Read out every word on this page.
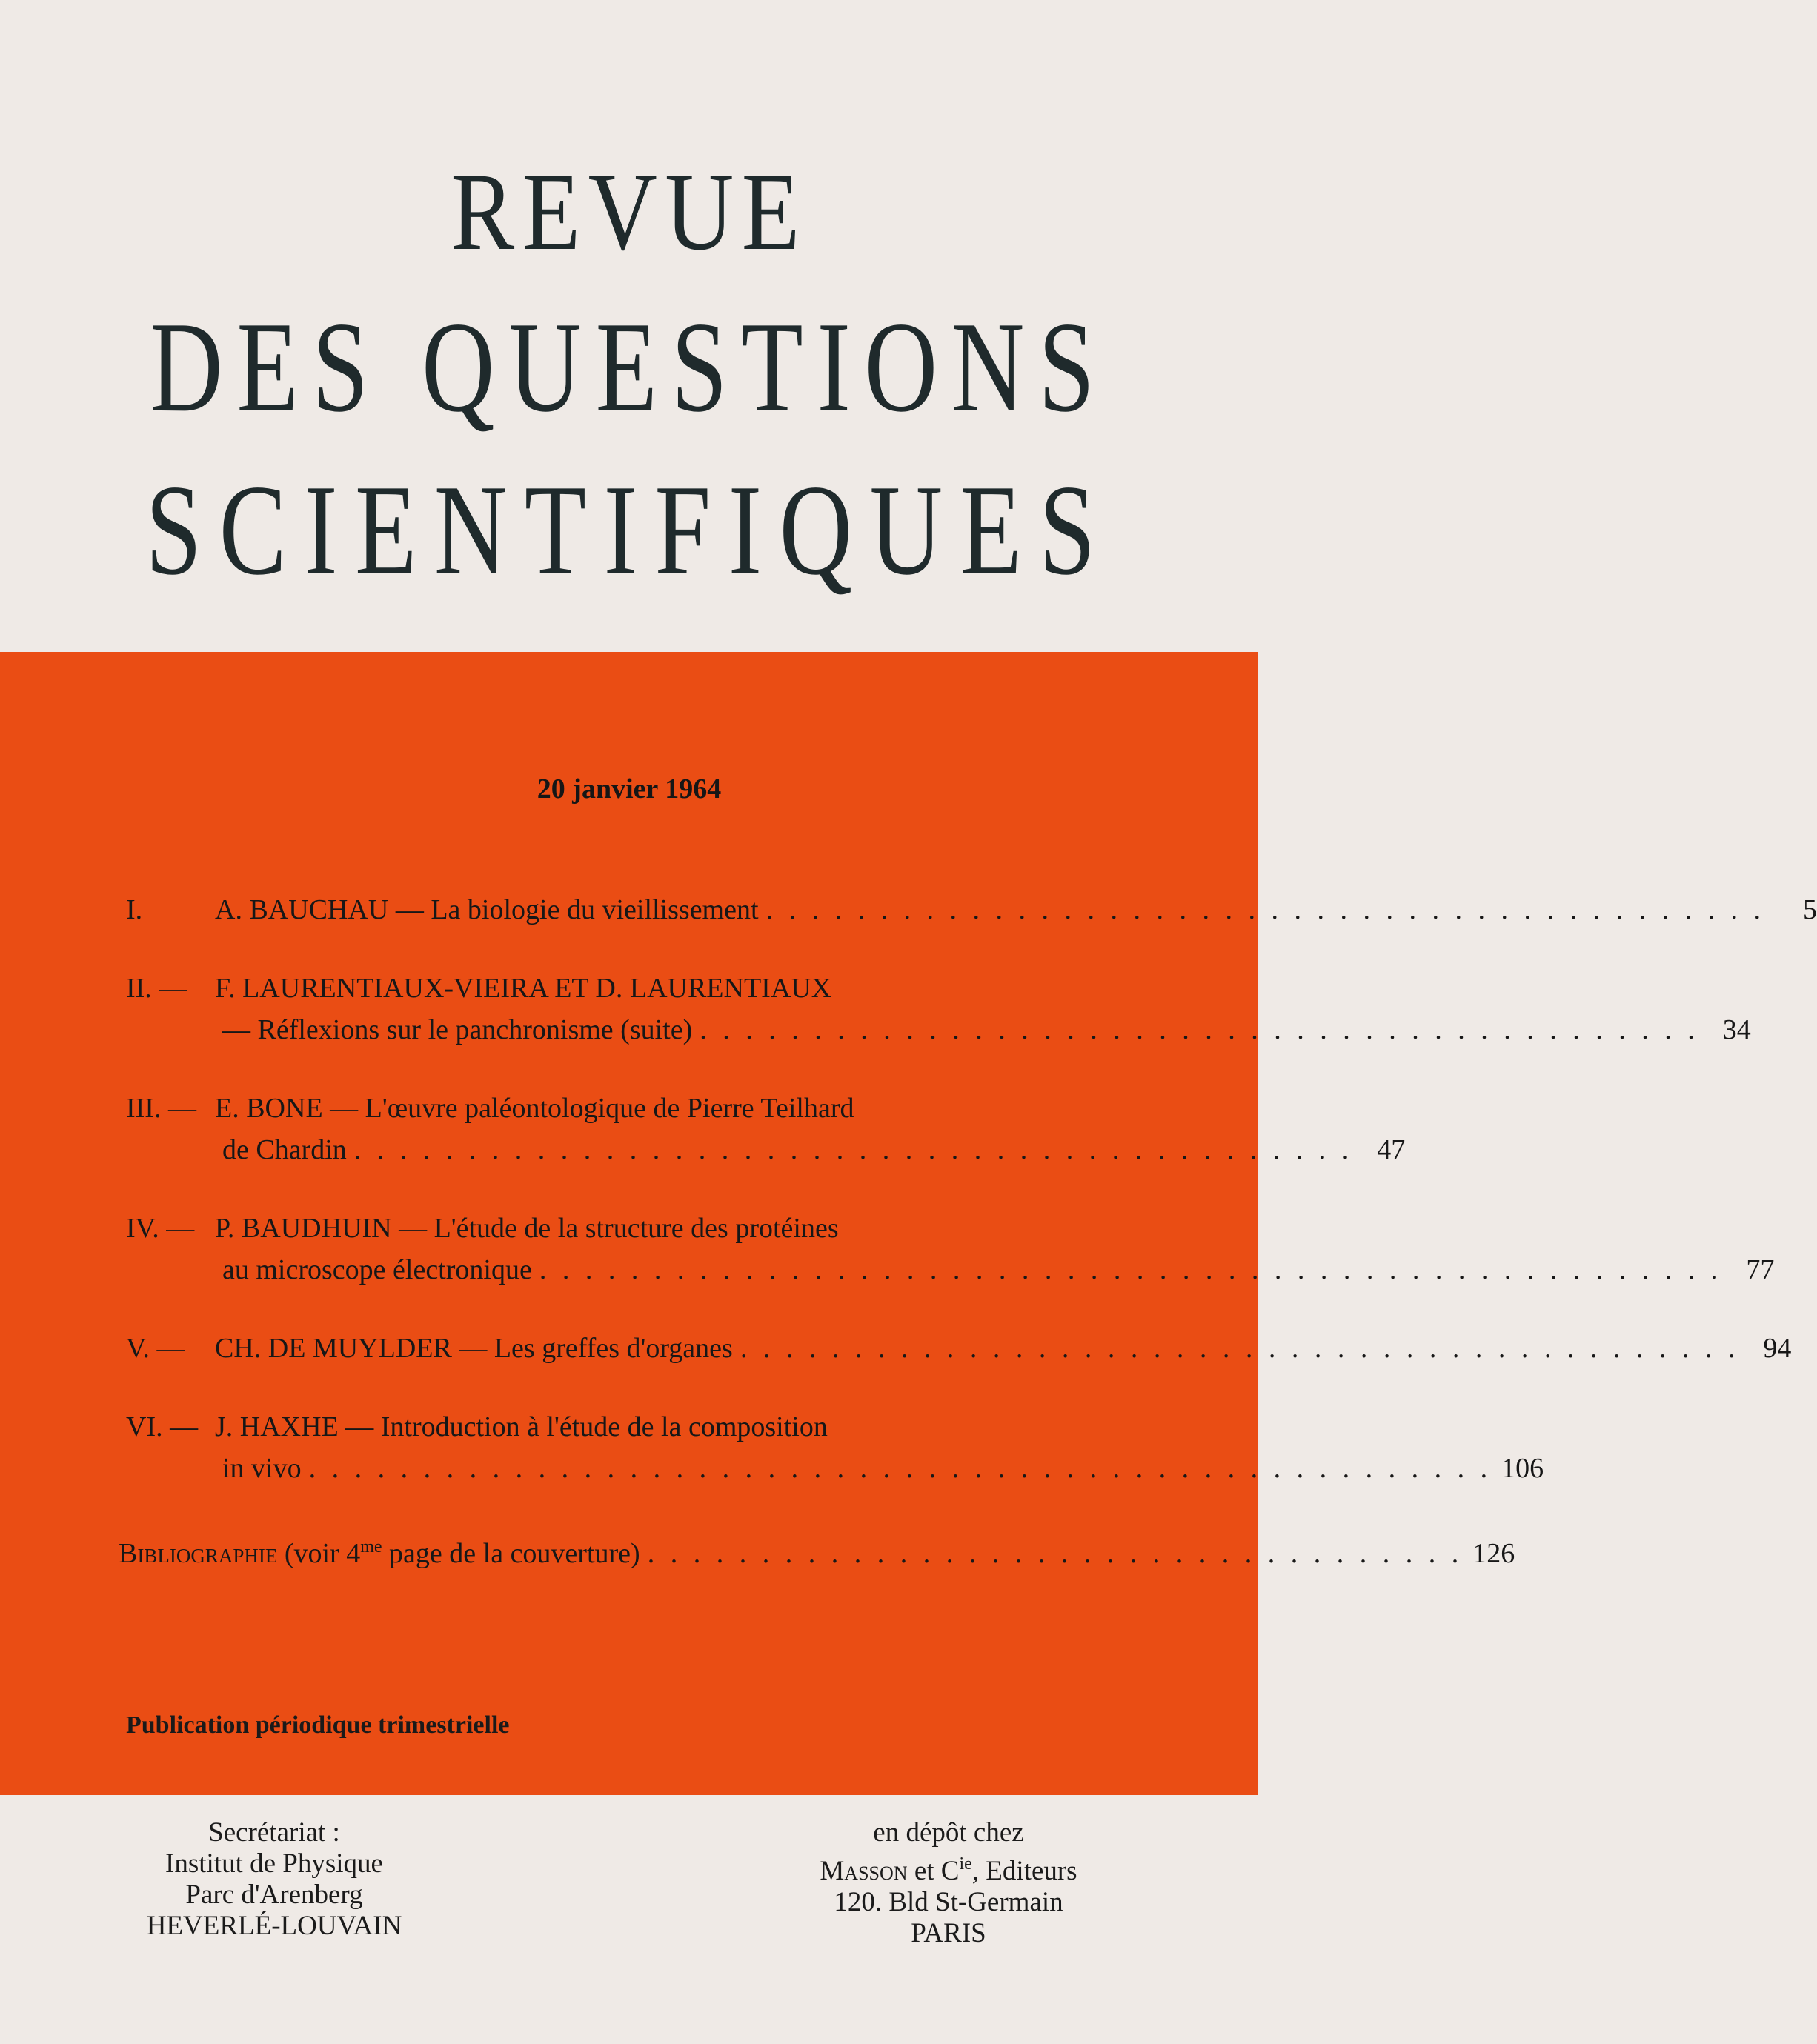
REVUE
DES QUESTIONS
SCIENTIFIQUES
20 janvier 1964
I.	A. BAUCHAU — La biologie du vieillissement . . . . . . . . . . . . . . . . . . . . . . . . . . . . . . . . . . . . . . . . . . . .	5
II. — F. LAURENTIAUX-VIEIRA ET D. LAURENTIAUX
— Réflexions sur le panchronisme (suite) . . . . . . . . . . . . . . . . . . . . . . . . . . . . . . . . . . . . . . . . . . . . 34
III. — E. BONE — L'œuvre paléontologique de Pierre Teilhard
de Chardin . . . . . . . . . . . . . . . . . . . . . . . . . . . . . . . . . . . . . . . . . . . . 47
IV. — P. BAUDHUIN — L'étude de la structure des protéines
au microscope électronique . . . . . . . . . . . . . . . . . . . . . . . . . . . . . . . . . . . . . . . . . . . . . . . . . . . . 77
V. —	CH. DE MUYLDER — Les greffes d'organes . . . . . . . . . . . . . . . . . . . . . . . . . . . . . . . . . . . . . . . . . . . . 94
VI. — J. HAXHE — Introduction à l'étude de la composition
in vivo . . . . . . . . . . . . . . . . . . . . . . . . . . . . . . . . . . . . . . . . . . . . . . . . . . . . 106
Bibliographie (voir $4^{me}$ page de la couverture) . . . . . . . . . . . . . . . . . . . . . . . . . . . . . . . . . . . . 126
Publication périodique trimestrielle
Secrétariat :
Institut de Physique
Parc d'Arenberg
HEVERLÉ-LOUVAIN
en dépôt chez
Masson et $C^{ie}$, Editeurs
120. Bld St-Germain
PARIS
